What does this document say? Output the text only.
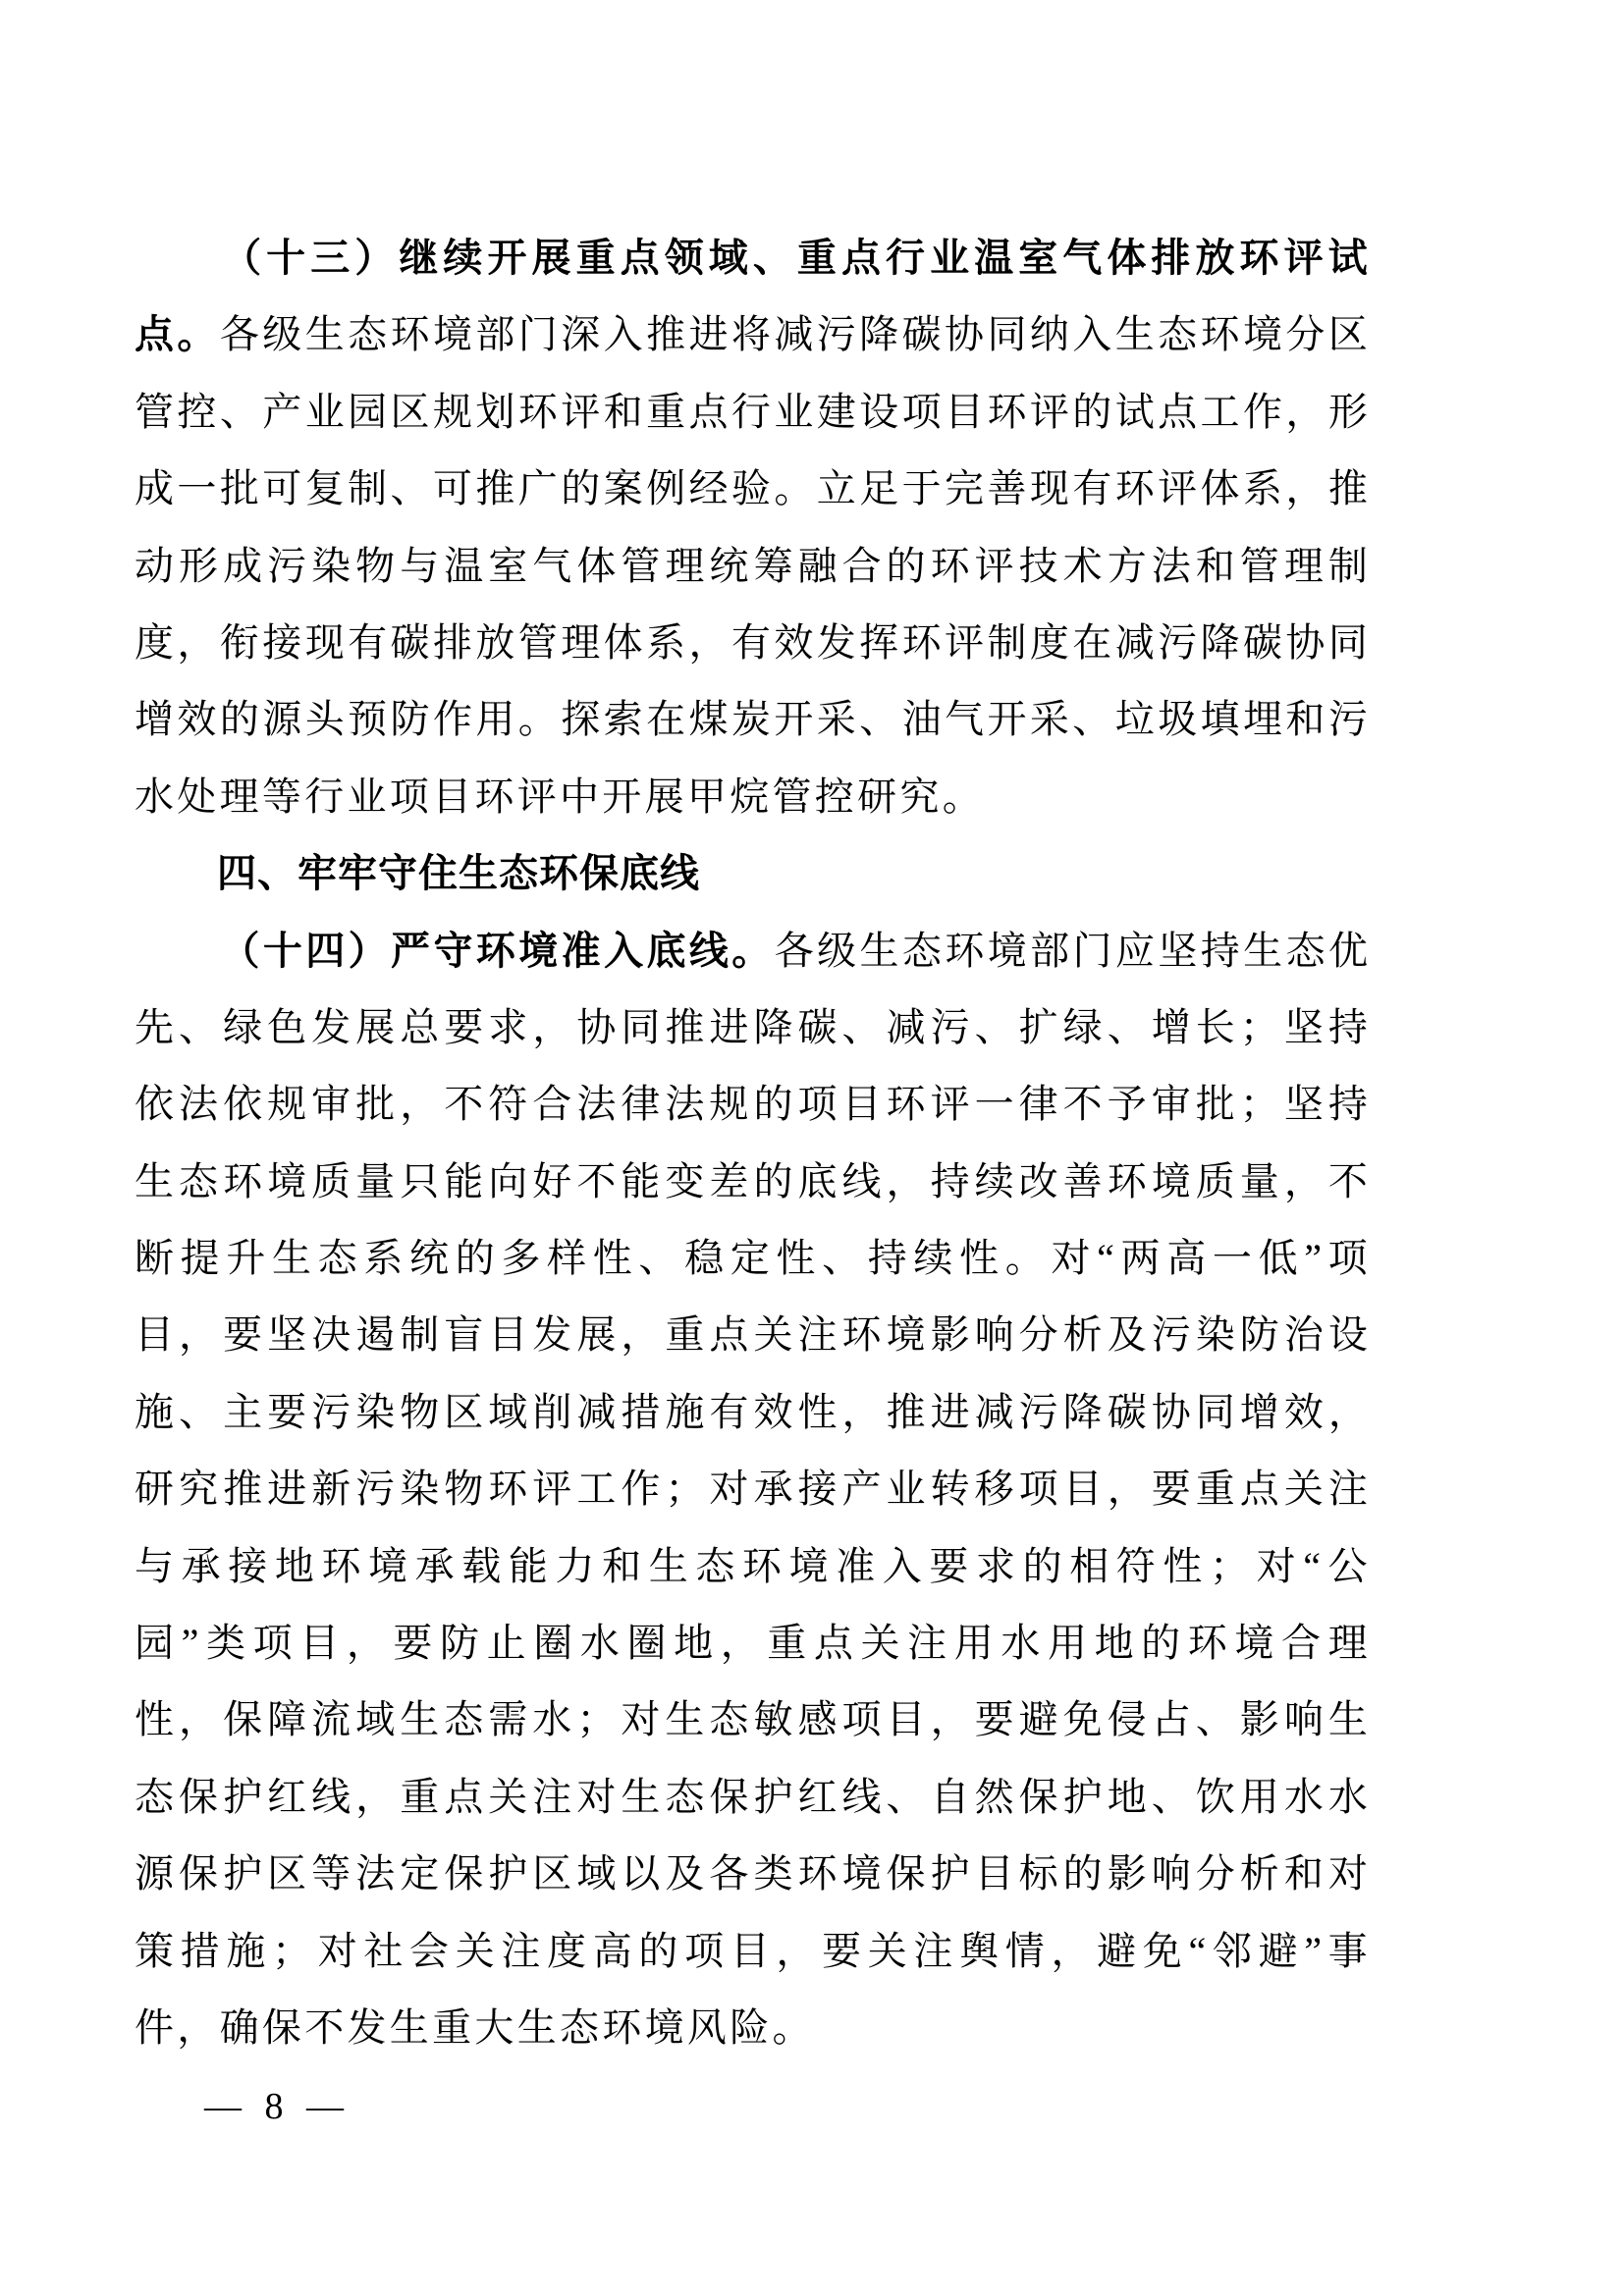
（ 十 三 ） 继 续 开 展 重 点 领 域 、 重 点 行 业 温 室 气 体 排 放 环 评 试
点 。 各 级 生 态 环 境 部 门 深 入 推 进 将 减 污 降 碳 协 同 纳 入 生 态 环 境 分 区
管 控 、 产 业 园 区 规 划 环 评 和 重 点 行 业 建 设 项 目 环 评 的 试 点 工 作 ， 形
成 一 批 可 复 制 、 可 推 广 的 案 例 经 验 。 立 足 于 完 善 现 有 环 评 体 系 ， 推
动 形 成 污 染 物 与 温 室 气 体 管 理 统 筹 融 合 的 环 评 技 术 方 法 和 管 理 制
度 ， 衔 接 现 有 碳 排 放 管 理 体 系 ， 有 效 发 挥 环 评 制 度 在 减 污 降 碳 协 同
增 效 的 源 头 预 防 作 用 。 探 索 在 煤 炭 开 采 、 油 气 开 采 、 垃 圾 填 埋 和 污
水处理等行业项目环评中开展甲烷管控研究。
四、牢牢守住生态环保底线
（ 十 四 ） 严 守 环 境 准 入 底 线 。 各 级 生 态 环 境 部 门 应 坚 持 生 态 优
先 、 绿 色 发 展 总 要 求 ， 协 同 推 进 降 碳 、 减 污 、 扩 绿 、 增 长 ； 坚 持
依 法 依 规 审 批 ， 不 符 合 法 律 法 规 的 项 目 环 评 一 律 不 予 审 批 ； 坚 持
生 态 环 境 质 量 只 能 向 好 不 能 变 差 的 底 线 ， 持 续 改 善 环 境 质 量 ， 不
断 提 升 生 态 系 统 的 多 样 性 、 稳 定 性 、 持 续 性 。 对 “ 两 高 一 低 ” 项
目 ， 要 坚 决 遏 制 盲 目 发 展 ， 重 点 关 注 环 境 影 响 分 析 及 污 染 防 治 设
施 、 主 要 污 染 物 区 域 削 减 措 施 有 效 性 ， 推 进 减 污 降 碳 协 同 增 效 ，
研 究 推 进 新 污 染 物 环 评 工 作 ； 对 承 接 产 业 转 移 项 目 ， 要 重 点 关 注
与 承 接 地 环 境 承 载 能 力 和 生 态 环 境 准 入 要 求 的 相 符 性 ； 对 “ 公
园 ” 类 项 目 ， 要 防 止 圈 水 圈 地 ， 重 点 关 注 用 水 用 地 的 环 境 合 理
性 ， 保 障 流 域 生 态 需 水 ； 对 生 态 敏 感 项 目 ， 要 避 免 侵 占 、 影 响 生
态 保 护 红 线 ， 重 点 关 注 对 生 态 保 护 红 线 、 自 然 保 护 地 、 饮 用 水 水
源 保 护 区 等 法 定 保 护 区 域 以 及 各 类 环 境 保 护 目 标 的 影 响 分 析 和 对
策 措 施 ； 对 社 会 关 注 度 高 的 项 目 ， 要 关 注 舆 情 ， 避 免 “ 邻 避 ” 事
件，确保不发生重大生态环境风险。
— 8 —
